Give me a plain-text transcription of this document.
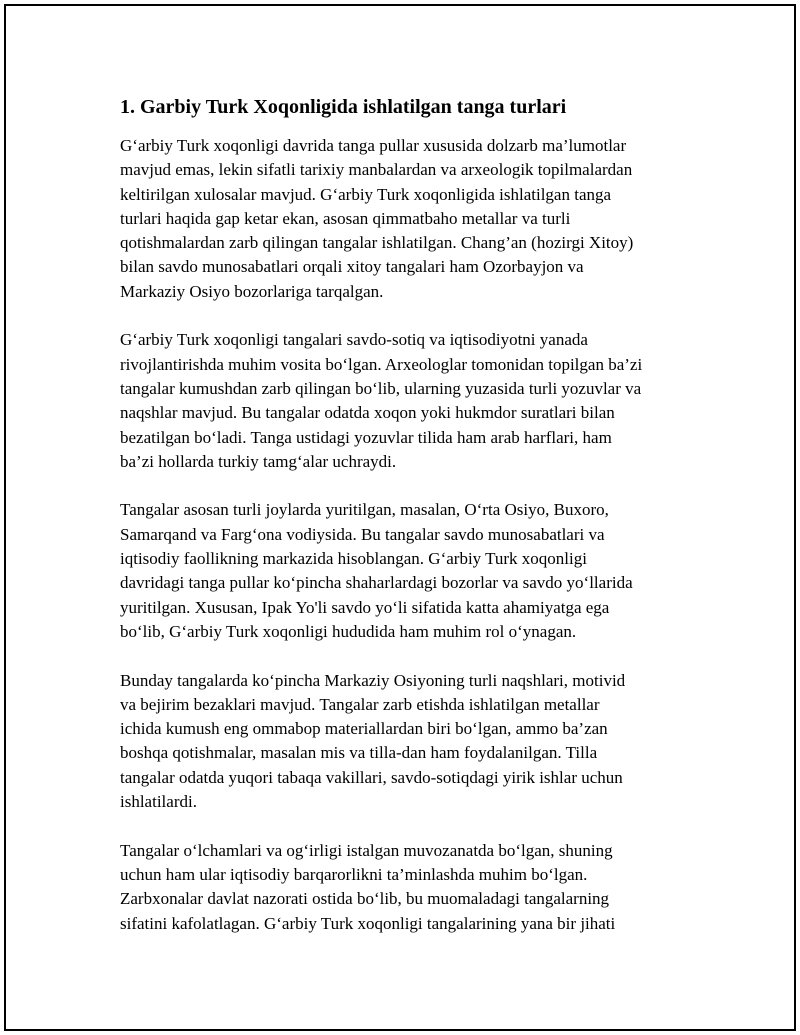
1. Garbiy Turk Xoqonligida ishlatilgan tanga turlari
G‘arbiy Turk xoqonligi davrida tanga pullar xususida dolzarb ma’lumotlar
mavjud emas, lekin sifatli tarixiy manbalardan va arxeologik topilmalardan
keltirilgan xulosalar mavjud. G‘arbiy Turk xoqonligida ishlatilgan tanga
turlari haqida gap ketar ekan, asosan qimmatbaho metallar va turli
qotishmalardan zarb qilingan tangalar ishlatilgan. Chang’an (hozirgi Xitoy)
bilan savdo munosabatlari orqali xitoy tangalari ham Ozorbayjon va
Markaziy Osiyo bozorlariga tarqalgan.
G‘arbiy Turk xoqonligi tangalari savdo-sotiq va iqtisodiyotni yanada
rivojlantirishda muhim vosita bo‘lgan. Arxeologlar tomonidan topilgan ba’zi
tangalar kumushdan zarb qilingan bo‘lib, ularning yuzasida turli yozuvlar va
naqshlar mavjud. Bu tangalar odatda xoqon yoki hukmdor suratlari bilan
bezatilgan bo‘ladi. Tanga ustidagi yozuvlar tilida ham arab harflari, ham
ba’zi hollarda turkiy tamg‘alar uchraydi.
Tangalar asosan turli joylarda yuritilgan, masalan, O‘rta Osiyo, Buxoro,
Samarqand va Farg‘ona vodiysida. Bu tangalar savdo munosabatlari va
iqtisodiy faollikning markazida hisoblangan. G‘arbiy Turk xoqonligi
davridagi tanga pullar ko‘pincha shaharlardagi bozorlar va savdo yo‘llarida
yuritilgan. Xususan, Ipak Yo'li savdo yo‘li sifatida katta ahamiyatga ega
bo‘lib, G‘arbiy Turk xoqonligi hududida ham muhim rol o‘ynagan.
Bunday tangalarda ko‘pincha Markaziy Osiyoning turli naqshlari, motivid
va bejirim bezaklari mavjud. Tangalar zarb etishda ishlatilgan metallar
ichida kumush eng ommabop materiallardan biri bo‘lgan, ammo ba’zan
boshqa qotishmalar, masalan mis va tilla-dan ham foydalanilgan. Tilla
tangalar odatda yuqori tabaqa vakillari, savdo-sotiqdagi yirik ishlar uchun
ishlatilardi.
Tangalar o‘lchamlari va og‘irligi istalgan muvozanatda bo‘lgan, shuning
uchun ham ular iqtisodiy barqarorlikni ta’minlashda muhim bo‘lgan.
Zarbxonalar davlat nazorati ostida bo‘lib, bu muomaladagi tangalarning
sifatini kafolatlagan. G‘arbiy Turk xoqonligi tangalarining yana bir jihati
